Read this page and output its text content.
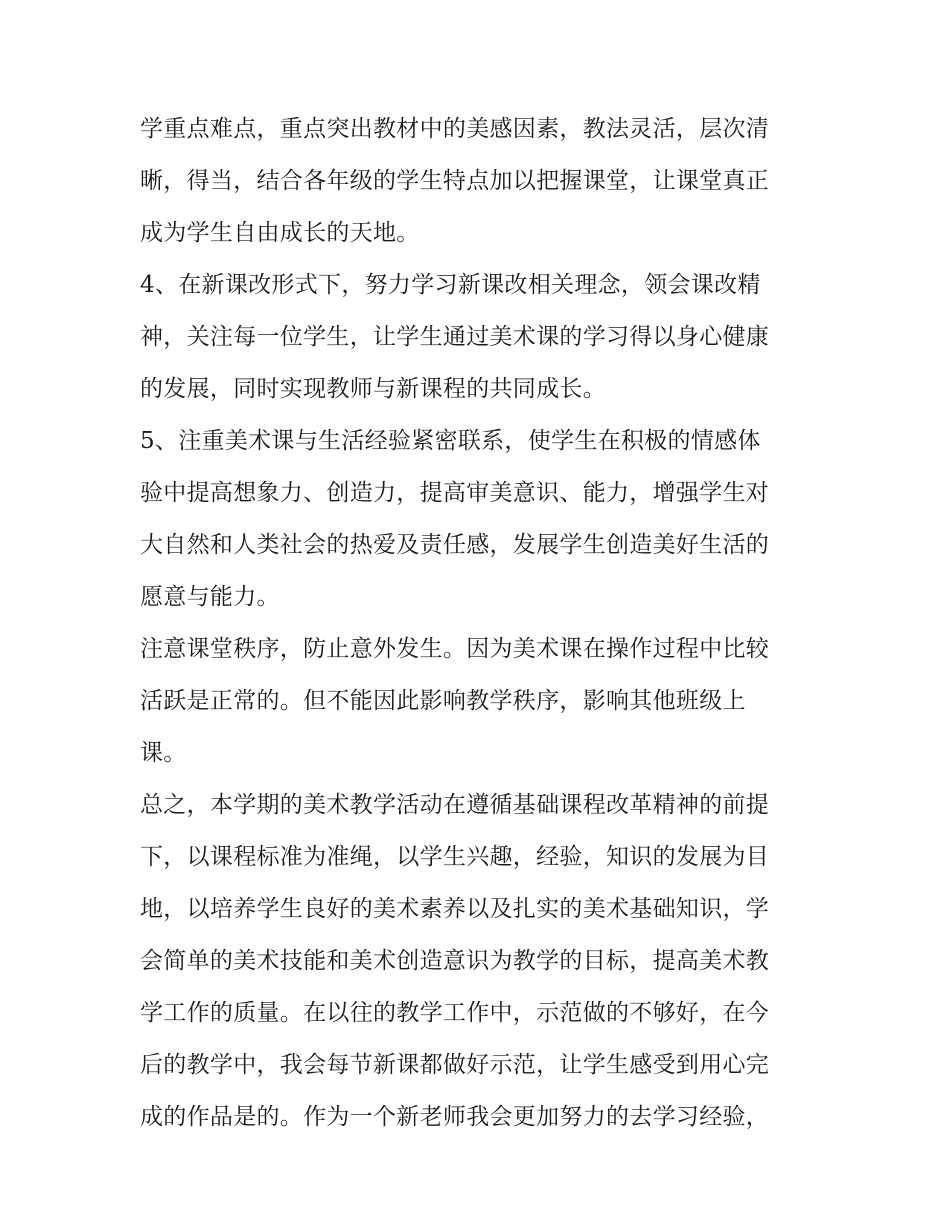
学重点难点，重点突出教材中的美感因素，教法灵活，层次清
晰，得当，结合各年级的学生特点加以把握课堂，让课堂真正
成为学生自由成长的天地。
4、在新课改形式下，努力学习新课改相关理念，领会课改精
神，关注每一位学生，让学生通过美术课的学习得以身心健康
的发展，同时实现教师与新课程的共同成长。
5、注重美术课与生活经验紧密联系，使学生在积极的情感体
验中提高想象力、创造力，提高审美意识、能力，增强学生对
大自然和人类社会的热爱及责任感，发展学生创造美好生活的
愿意与能力。
注意课堂秩序，防止意外发生。因为美术课在操作过程中比较
活跃是正常的。但不能因此影响教学秩序，影响其他班级上
课。
总之，本学期的美术教学活动在遵循基础课程改革精神的前提
下，以课程标准为准绳，以学生兴趣，经验，知识的发展为目
地，以培养学生良好的美术素养以及扎实的美术基础知识，学
会简单的美术技能和美术创造意识为教学的目标，提高美术教
学工作的质量。在以往的教学工作中，示范做的不够好，在今
后的教学中，我会每节新课都做好示范，让学生感受到用心完
成的作品是的。作为一个新老师我会更加努力的去学习经验，
